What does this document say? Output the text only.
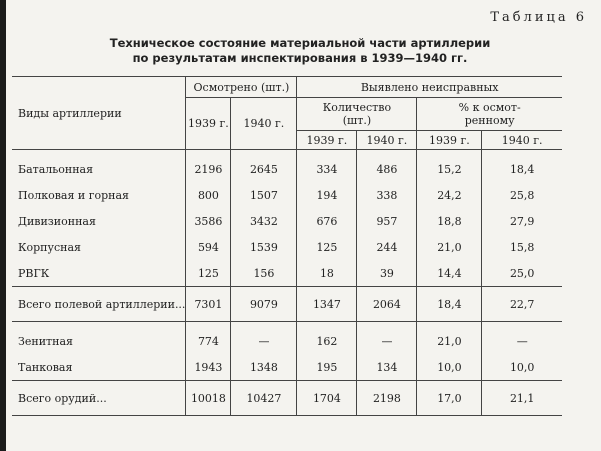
Таблица 6
Техническое состояние материальной части артиллерии
по результатам инспектирования в 1939—1940 гг.
Виды артиллерии	Осмотрено (шт.)		Выявлено неисправных			
	1939 г.	1940 г.	Количество (шт.)		% к осмот-
ренному	

			1939 г.	1940 г.	1939 г.	1940 г.

Батальонная	2196	2645	334	486	15,2	18,4
Полковая и горная	800	1507	194	338	24,2	25,8
Дивизионная	3586	3432	676	957	18,8	27,9
Корпусная	594	1539	125	244	21,0	15,8
РВГК	125	156	18	39	14,4	25,0
Всего полевой артиллерии...	7301	9079	1347	2064	18,4	22,7

Зенитная	774	—	162	—	21,0	—
Танковая	1943	1348	195	134	10,0	10,0
Всего орудий...	10018	10427	1704	2198	17,0	21,1
